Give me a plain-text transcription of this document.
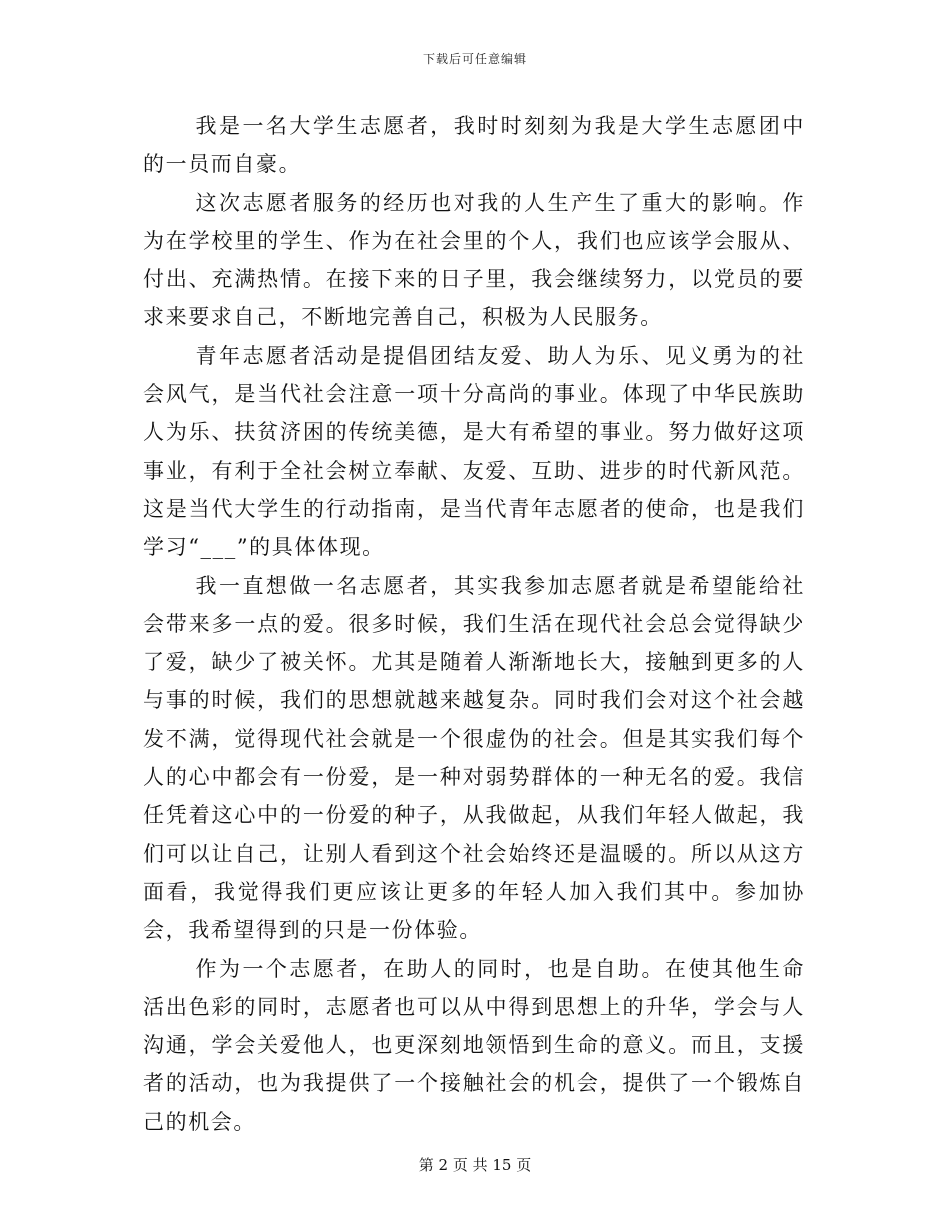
下载后可任意编辑

我是一名大学生志愿者，我时时刻刻为我是大学生志愿团中的一员而自豪。

这次志愿者服务的经历也对我的人生产生了重大的影响。作为在学校里的学生、作为在社会里的个人，我们也应该学会服从、付出、充满热情。在接下来的日子里，我会继续努力，以党员的要求来要求自己，不断地完善自己，积极为人民服务。

青年志愿者活动是提倡团结友爱、助人为乐、见义勇为的社会风气，是当代社会注意一项十分高尚的事业。体现了中华民族助人为乐、扶贫济困的传统美德，是大有希望的事业。努力做好这项事业，有利于全社会树立奉献、友爱、互助、进步的时代新风范。这是当代大学生的行动指南，是当代青年志愿者的使命，也是我们学习“___”的具体体现。

我一直想做一名志愿者，其实我参加志愿者就是希望能给社会带来多一点的爱。很多时候，我们生活在现代社会总会觉得缺少了爱，缺少了被关怀。尤其是随着人渐渐地长大，接触到更多的人与事的时候，我们的思想就越来越复杂。同时我们会对这个社会越发不满，觉得现代社会就是一个很虚伪的社会。但是其实我们每个人的心中都会有一份爱，是一种对弱势群体的一种无名的爱。我信任凭着这心中的一份爱的种子，从我做起，从我们年轻人做起，我们可以让自己，让别人看到这个社会始终还是温暖的。所以从这方面看，我觉得我们更应该让更多的年轻人加入我们其中。参加协会，我希望得到的只是一份体验。

作为一个志愿者，在助人的同时，也是自助。在使其他生命活出色彩的同时，志愿者也可以从中得到思想上的升华，学会与人沟通，学会关爱他人，也更深刻地领悟到生命的意义。而且，支援者的活动，也为我提供了一个接触社会的机会，提供了一个锻炼自己的机会。

第 2 页 共 15 页
